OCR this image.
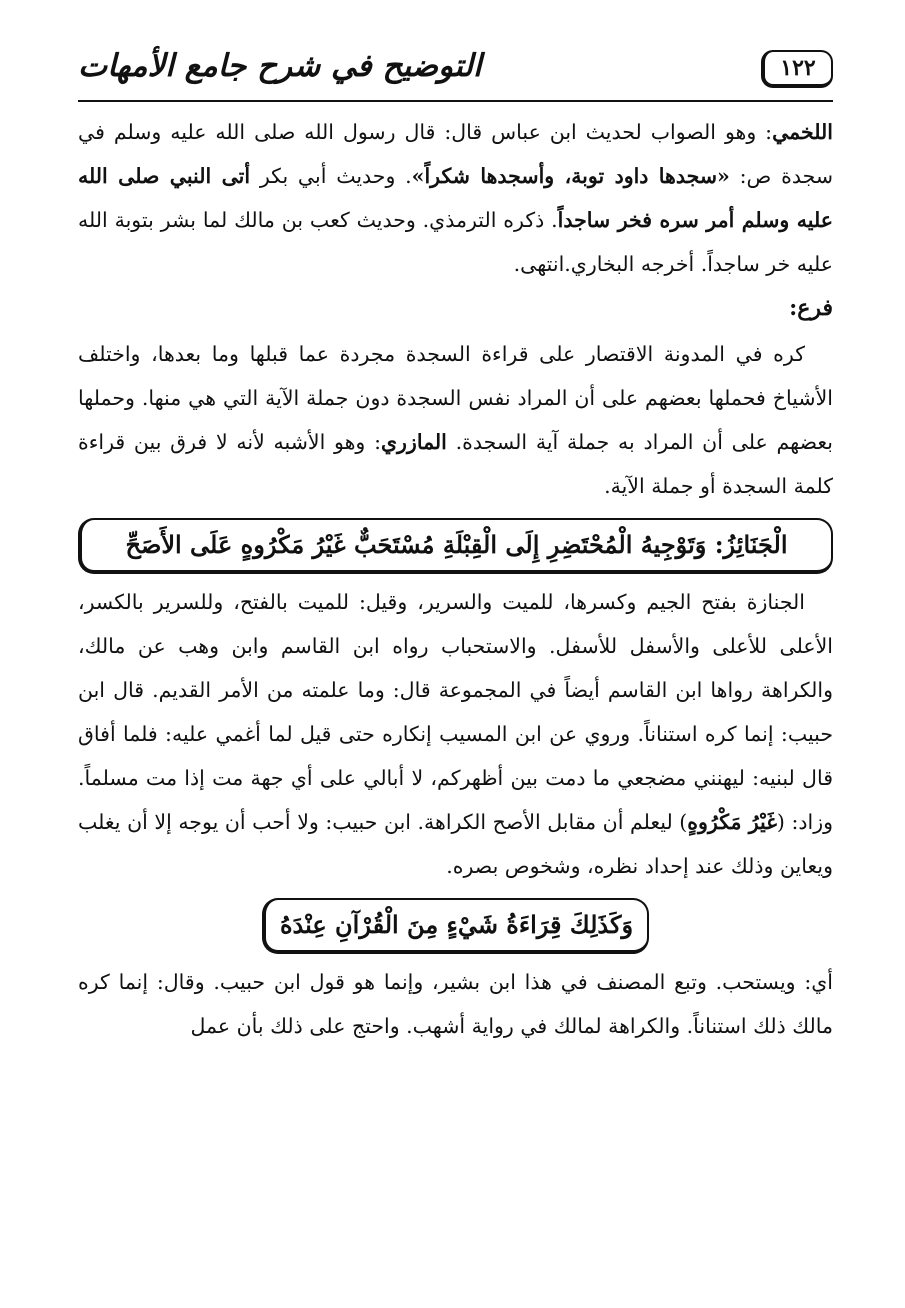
١٢٢
التوضيح في شرح جامع الأمهات

اللخمي: وهو الصواب لحديث ابن عباس قال: قال رسول الله صلى الله عليه وسلم في سجدة ص: «سجدها داود توبة، وأسجدها شكراً». وحديث أبي بكر أتى النبي صلى الله عليه وسلم أمر سره فخر ساجداً. ذكره الترمذي. وحديث كعب بن مالك لما بشر بتوبة الله عليه خر ساجداً. أخرجه البخاري.انتهى.

فرع:

كره في المدونة الاقتصار على قراءة السجدة مجردة عما قبلها وما بعدها، واختلف الأشياخ فحملها بعضهم على أن المراد نفس السجدة دون جملة الآية التي هي منها. وحملها بعضهم على أن المراد به جملة آية السجدة. المازري: وهو الأشبه لأنه لا فرق بين قراءة كلمة السجدة أو جملة الآية.

الْجَنَائِزُ: وَتَوْجِيهُ الْمُحْتَضِرِ إِلَى الْقِبْلَةِ مُسْتَحَبٌّ غَيْرُ مَكْرُوهٍ عَلَى الأَصَحِّ

الجنازة بفتح الجيم وكسرها، للميت والسرير، وقيل: للميت بالفتح، وللسرير بالكسر، الأعلى للأعلى والأسفل للأسفل. والاستحباب رواه ابن القاسم وابن وهب عن مالك، والكراهة رواها ابن القاسم أيضاً في المجموعة قال: وما علمته من الأمر القديم. قال ابن حبيب: إنما كره استناناً. وروي عن ابن المسيب إنكاره حتى قيل لما أغمي عليه: فلما أفاق قال لبنيه: ليهنني مضجعي ما دمت بين أظهركم، لا أبالي على أي جهة مت إذا مت مسلماً. وزاد: (غَيْرُ مَكْرُوهٍ) ليعلم أن مقابل الأصح الكراهة. ابن حبيب: ولا أحب أن يوجه إلا أن يغلب ويعاين وذلك عند إحداد نظره، وشخوص بصره.

وَكَذَلِكَ قِرَاءَةُ شَيْءٍ مِنَ الْقُرْآنِ عِنْدَهُ

أي: ويستحب. وتبع المصنف في هذا ابن بشير، وإنما هو قول ابن حبيب. وقال: إنما كره مالك ذلك استناناً. والكراهة لمالك في رواية أشهب. واحتج على ذلك بأن عمل
